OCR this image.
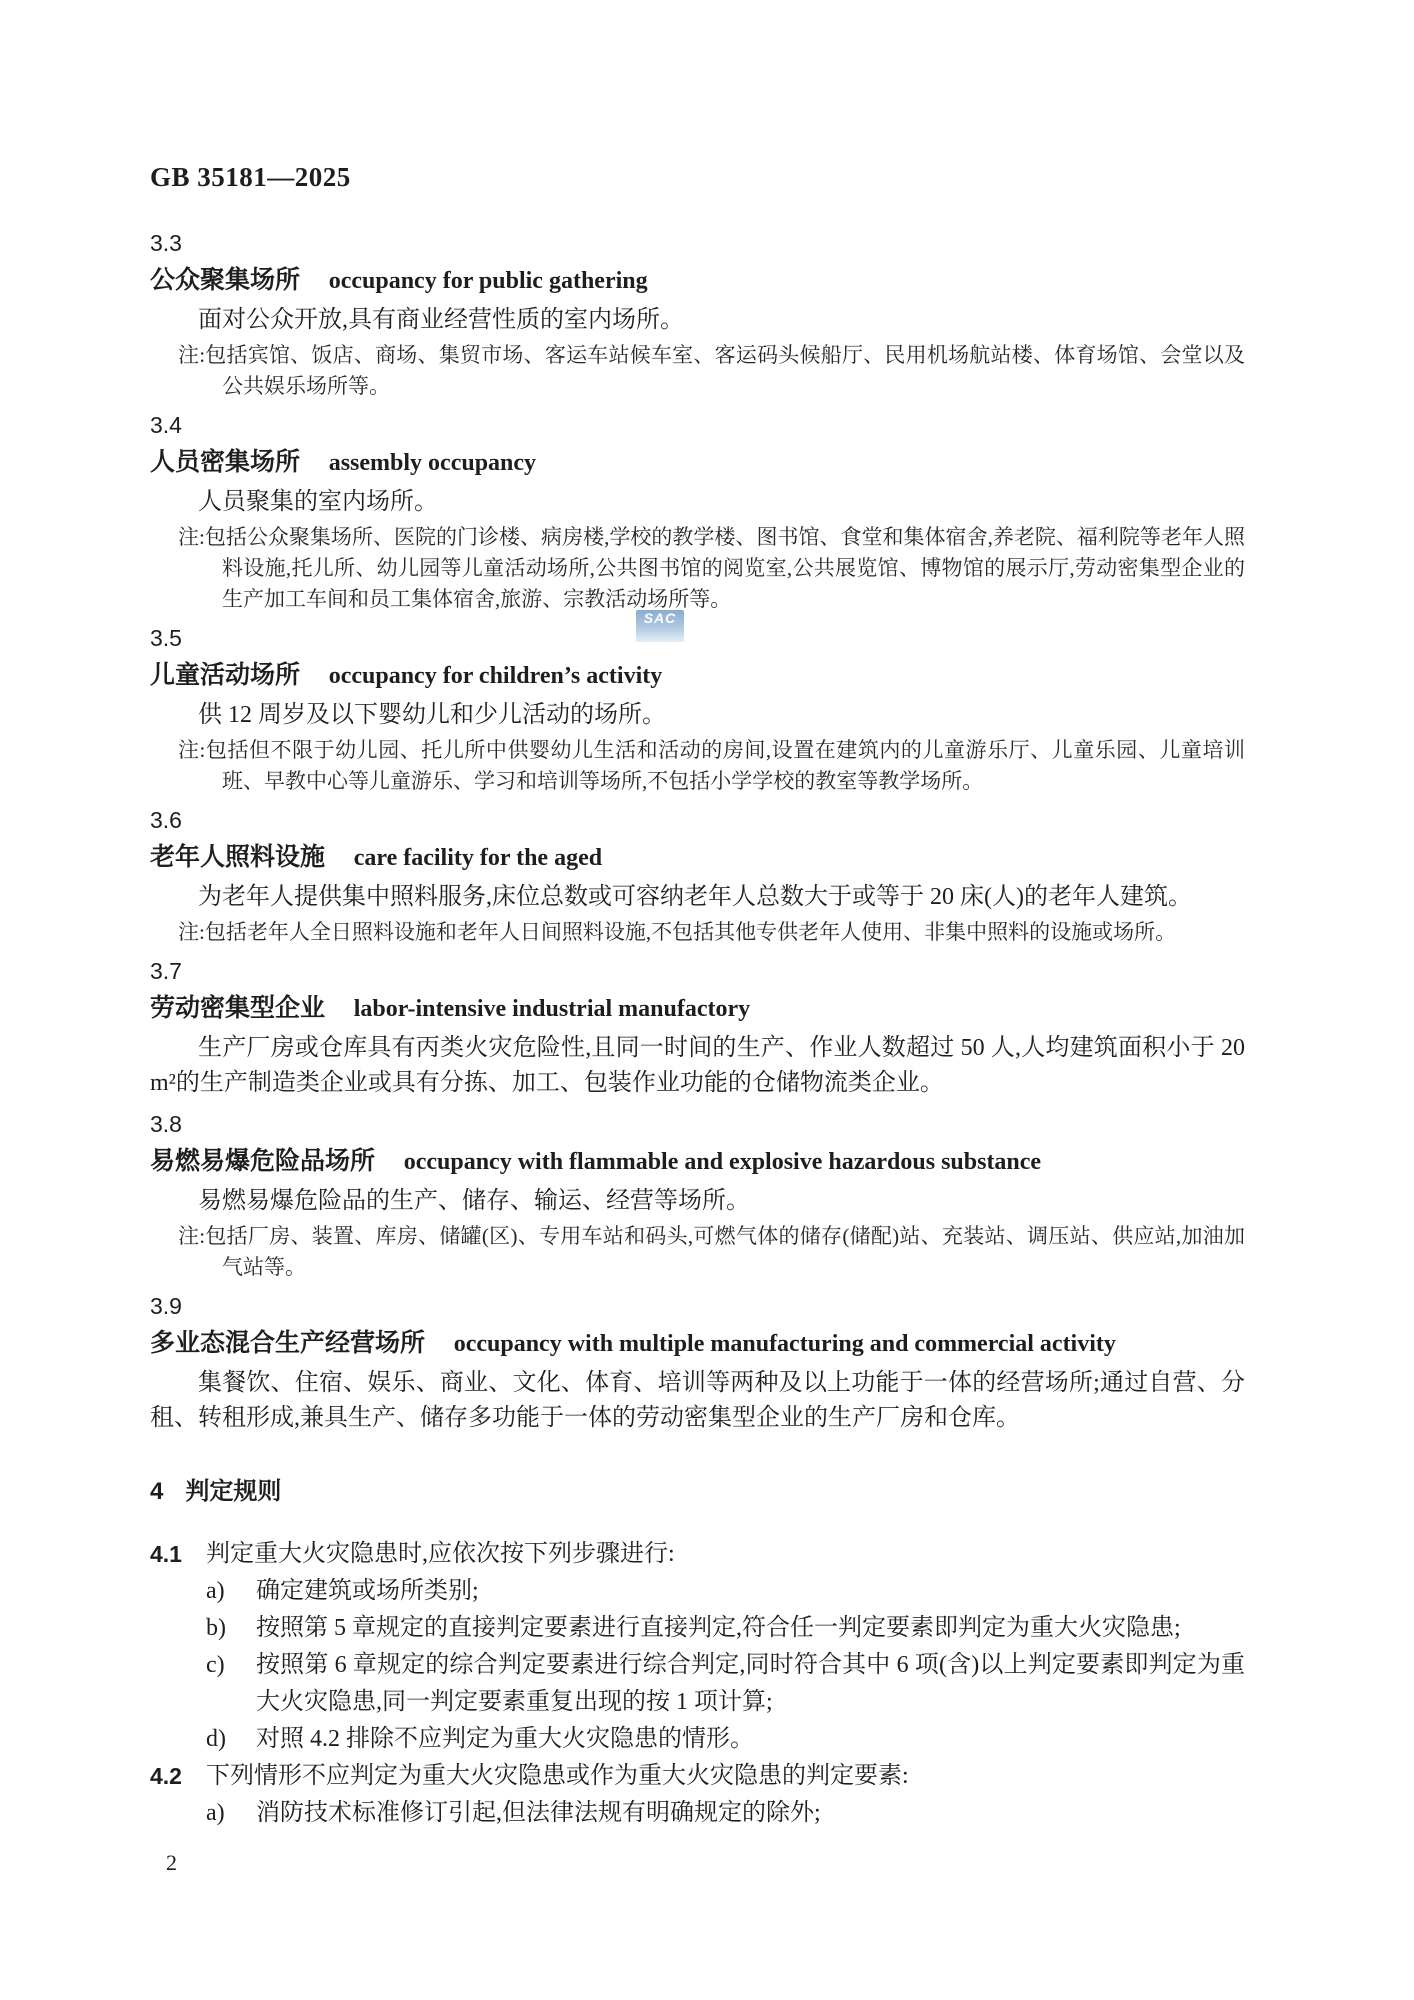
SAC
GB 35181—2025
3.3
公众聚集场所 occupancy for public gathering

面对公众开放,具有商业经营性质的室内场所。

注:包括宾馆、饭店、商场、集贸市场、客运车站候车室、客运码头候船厅、民用机场航站楼、体育场馆、会堂以及公共娱乐场所等。

3.4
人员密集场所 assembly occupancy

人员聚集的室内场所。

注:包括公众聚集场所、医院的门诊楼、病房楼,学校的教学楼、图书馆、食堂和集体宿舍,养老院、福利院等老年人照料设施,托儿所、幼儿园等儿童活动场所,公共图书馆的阅览室,公共展览馆、博物馆的展示厅,劳动密集型企业的生产加工车间和员工集体宿舍,旅游、宗教活动场所等。

3.5
儿童活动场所 occupancy for children’s activity

供 12 周岁及以下婴幼儿和少儿活动的场所。

注:包括但不限于幼儿园、托儿所中供婴幼儿生活和活动的房间,设置在建筑内的儿童游乐厅、儿童乐园、儿童培训班、早教中心等儿童游乐、学习和培训等场所,不包括小学学校的教室等教学场所。

3.6
老年人照料设施 care facility for the aged

为老年人提供集中照料服务,床位总数或可容纳老年人总数大于或等于 20 床(人)的老年人建筑。

注:包括老年人全日照料设施和老年人日间照料设施,不包括其他专供老年人使用、非集中照料的设施或场所。

3.7
劳动密集型企业 labor-intensive industrial manufactory

生产厂房或仓库具有丙类火灾危险性,且同一时间的生产、作业人数超过 50 人,人均建筑面积小于 20 m²的生产制造类企业或具有分拣、加工、包装作业功能的仓储物流类企业。

3.8
易燃易爆危险品场所 occupancy with flammable and explosive hazardous substance

易燃易爆危险品的生产、储存、输运、经营等场所。

注:包括厂房、装置、库房、储罐(区)、专用车站和码头,可燃气体的储存(储配)站、充装站、调压站、供应站,加油加气站等。

3.9
多业态混合生产经营场所 occupancy with multiple manufacturing and commercial activity

集餐饮、住宿、娱乐、商业、文化、体育、培训等两种及以上功能于一体的经营场所;通过自营、分租、转租形成,兼具生产、储存多功能于一体的劳动密集型企业的生产厂房和仓库。

4 判定规则
4.1	判定重大火灾隐患时,应依次按下列步骤进行:
a)	确定建筑或场所类别;
b)	按照第 5 章规定的直接判定要素进行直接判定,符合任一判定要素即判定为重大火灾隐患;
c)	按照第 6 章规定的综合判定要素进行综合判定,同时符合其中 6 项(含)以上判定要素即判定为重大火灾隐患,同一判定要素重复出现的按 1 项计算;
d)	对照 4.2 排除不应判定为重大火灾隐患的情形。
4.2	下列情形不应判定为重大火灾隐患或作为重大火灾隐患的判定要素:
a)	消防技术标准修订引起,但法律法规有明确规定的除外;
2
